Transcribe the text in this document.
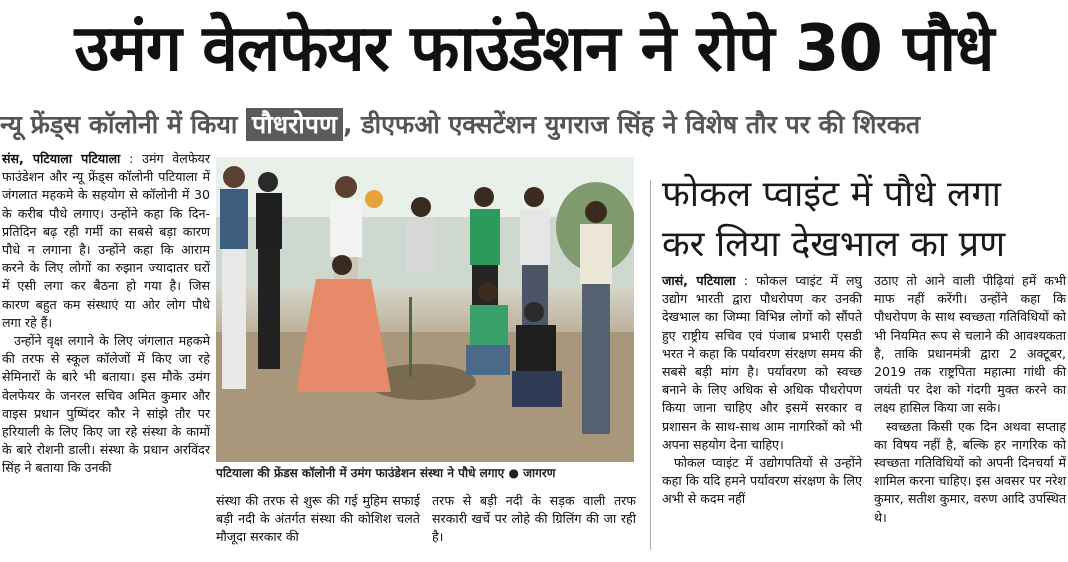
उमंग वेलफेयर फाउंडेशन ने रोपे 30 पौधे
न्यू फ्रेंड्स कॉलोनी में किया पौधरोपण , डीएफओ एक्सटेंशन युगराज सिंह ने विशेष तौर पर की शिरकत

संस, पटियाला पटियाला : उमंग वेलफेयर फाउंडेशन और न्यू फ्रेंड्स कॉलोनी पटियाला में जंगलात महकमे के सहयोग से कॉलोनी में 30 के करीब पौधे लगाए। उन्होंने कहा कि दिन-प्रतिदिन बढ़ रही गर्मी का सबसे बड़ा कारण पौधे न लगाना है। उन्होंने कहा कि आराम करने के लिए लोगों का रुझान ज्यादातर घरों में एसी लगा कर बैठना हो गया है। जिस कारण बहुत कम संस्थाएं या ओर लोग पौधे लगा रहे हैं।

उन्होंने वृक्ष लगाने के लिए जंगलात महकमे की तरफ से स्कूल कॉलेजों में किए जा रहे सेमिनारों के बारे भी बताया। इस मौके उमंग वेलफेयर के जनरल सचिव अमित कुमार और वाइस प्रधान पुष्पिंदर कौर ने सांझे तौर पर हरियाली के लिए किए जा रहे संस्था के कामों के बारे रोशनी डाली। संस्था के प्रधान अरविंदर सिंह ने बताया कि उनकी	पटियाला की फ्रेंडस कॉलोनी में उमंग फाउंडेशन संस्था ने पौधे लगाए ● जागरण
संस्था की तरफ से शुरू की गई मुहिम सफाई बड़ी नदी के अंतर्गत संस्था की कोशिश चलते मौजूदा सरकार की
तरफ से बड़ी नदी के सड़क वाली तरफ सरकारी खर्चे पर लोहे की ग्रिलिंग की जा रही है।
फोकल प्वाइंट में पौधे लगा
कर लिया देखभाल का प्रण

जासं, पटियाला : फोकल प्वाइंट में लघु उद्योग भारती द्वारा पौधरोपण कर उनकी देखभाल का जिम्मा विभिन्न लोगों को सौंपते हुए राष्ट्रीय सचिव एवं पंजाब प्रभारी एसडी भरत ने कहा कि पर्यावरण संरक्षण समय की सबसे बड़ी मांग है। पर्यावरण को स्वच्छ बनाने के लिए अधिक से अधिक पौधरोपण किया जाना चाहिए और इसमें सरकार व प्रशासन के साथ-साथ आम नागरिकों को भी अपना सहयोग देना चाहिए।

फोकल प्वाइंट में उद्योगपतियों से उन्होंने कहा कि यदि हमने पर्यावरण संरक्षण के लिए अभी से कदम नहीं

उठाए तो आने वाली पीढ़ियां हमें कभी माफ नहीं करेंगी। उन्होंने कहा कि पौधरोपण के साथ स्वच्छता गतिविधियों को भी नियमित रूप से चलाने की आवश्यकता है, ताकि प्रधानमंत्री द्वारा 2 अक्टूबर, 2019 तक राष्ट्रपिता महात्मा गांधी की जयंती पर देश को गंदगी मुक्त करने का लक्ष्य हासिल किया जा सके।

स्वच्छता किसी एक दिन अथवा सप्ताह का विषय नहीं है, बल्कि हर नागरिक को स्वच्छता गतिविधियों को अपनी दिनचर्या में शामिल करना चाहिए। इस अवसर पर नरेश कुमार, सतीश कुमार, वरुण आदि उपस्थित थे।
